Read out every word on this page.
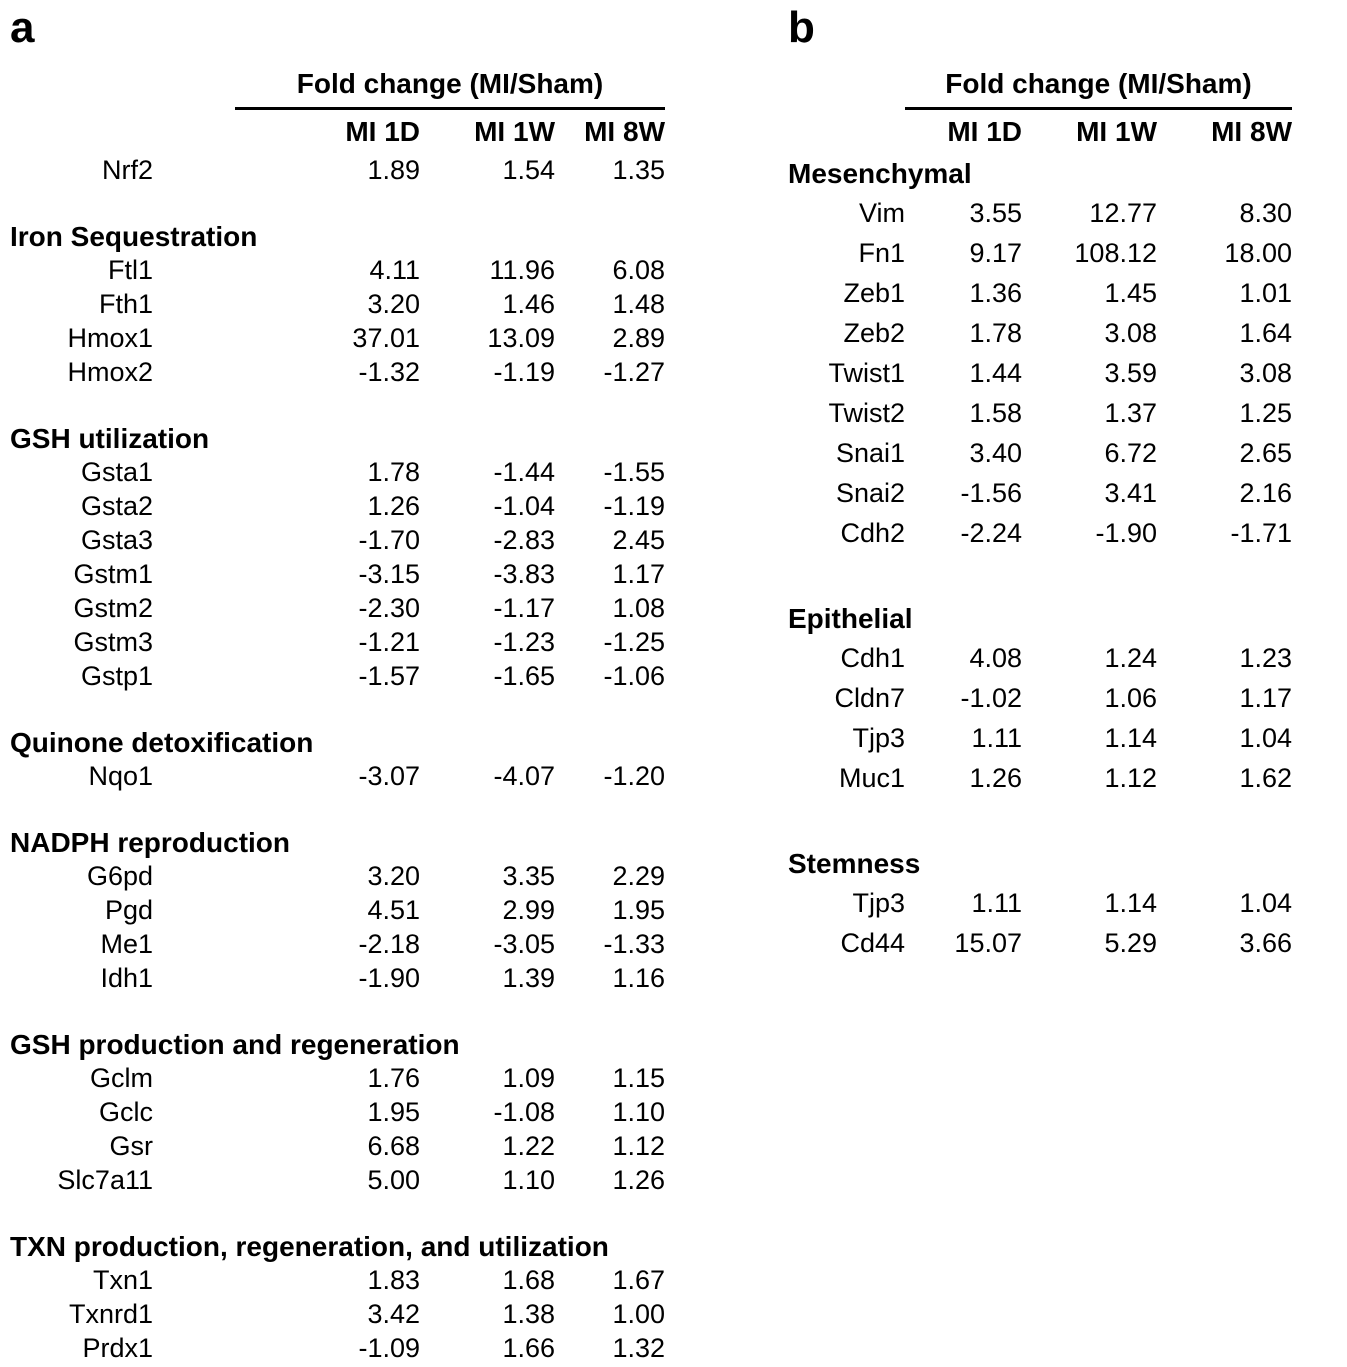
a
	Fold change (MI/Sham)		
	MI 1D	MI 1W	MI 8W
Nrf2	1.89	1.54	1.35

Iron Sequestration			
Ftl1	4.11	11.96	6.08
Fth1	3.20	1.46	1.48
Hmox1	37.01	13.09	2.89
Hmox2	-1.32	-1.19	-1.27

GSH utilization			
Gsta1	1.78	-1.44	-1.55
Gsta2	1.26	-1.04	-1.19
Gsta3	-1.70	-2.83	2.45
Gstm1	-3.15	-3.83	1.17
Gstm2	-2.30	-1.17	1.08
Gstm3	-1.21	-1.23	-1.25
Gstp1	-1.57	-1.65	-1.06

Quinone detoxification			
Nqo1	-3.07	-4.07	-1.20

NADPH reproduction			
G6pd	3.20	3.35	2.29
Pgd	4.51	2.99	1.95
Me1	-2.18	-3.05	-1.33
Idh1	-1.90	1.39	1.16

GSH production and regeneration			
Gclm	1.76	1.09	1.15
Gclc	1.95	-1.08	1.10
Gsr	6.68	1.22	1.12
Slc7a11	5.00	1.10	1.26

TXN production, regeneration, and utilization			
Txn1	1.83	1.68	1.67
Txnrd1	3.42	1.38	1.00
Prdx1	-1.09	1.66	1.32
b
	Fold change (MI/Sham)		
	MI 1D	MI 1W	MI 8W
Mesenchymal			
Vim	3.55	12.77	8.30
Fn1	9.17	108.12	18.00
Zeb1	1.36	1.45	1.01
Zeb2	1.78	3.08	1.64
Twist1	1.44	3.59	3.08
Twist2	1.58	1.37	1.25
Snai1	3.40	6.72	2.65
Snai2	-1.56	3.41	2.16
Cdh2	-2.24	-1.90	-1.71

Epithelial			
Cdh1	4.08	1.24	1.23
Cldn7	-1.02	1.06	1.17
Tjp3	1.11	1.14	1.04
Muc1	1.26	1.12	1.62

Stemness			
Tjp3	1.11	1.14	1.04
Cd44	15.07	5.29	3.66
